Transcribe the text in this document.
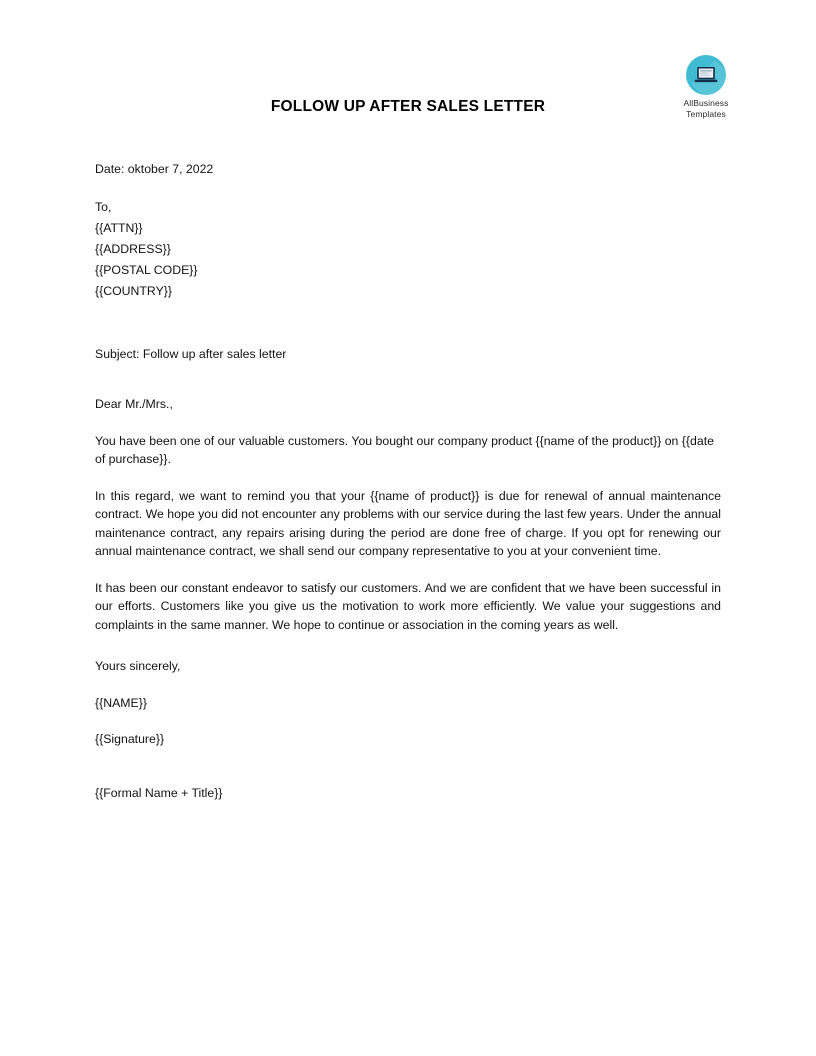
AllBusiness
Templates
FOLLOW UP AFTER SALES LETTER
Date: oktober 7, 2022
To,
{{ATTN}}
{{ADDRESS}}
{{POSTAL CODE}}
{{COUNTRY}}
Subject: Follow up after sales letter
Dear Mr./Mrs.,
You have been one of our valuable customers. You bought our company product {{name of the product}} on {{date of purchase}}.
In this regard, we want to remind you that your {{name of product}} is due for renewal of annual maintenance contract. We hope you did not encounter any problems with our service during the last few years. Under the annual maintenance contract, any repairs arising during the period are done free of charge. If you opt for renewing our annual maintenance contract, we shall send our company representative to you at your convenient time.
It has been our constant endeavor to satisfy our customers. And we are confident that we have been successful in our efforts. Customers like you give us the motivation to work more efficiently. We value your suggestions and complaints in the same manner. We hope to continue or association in the coming years as well.
Yours sincerely,
{{NAME}}
{{Signature}}
{{Formal Name + Title}}
